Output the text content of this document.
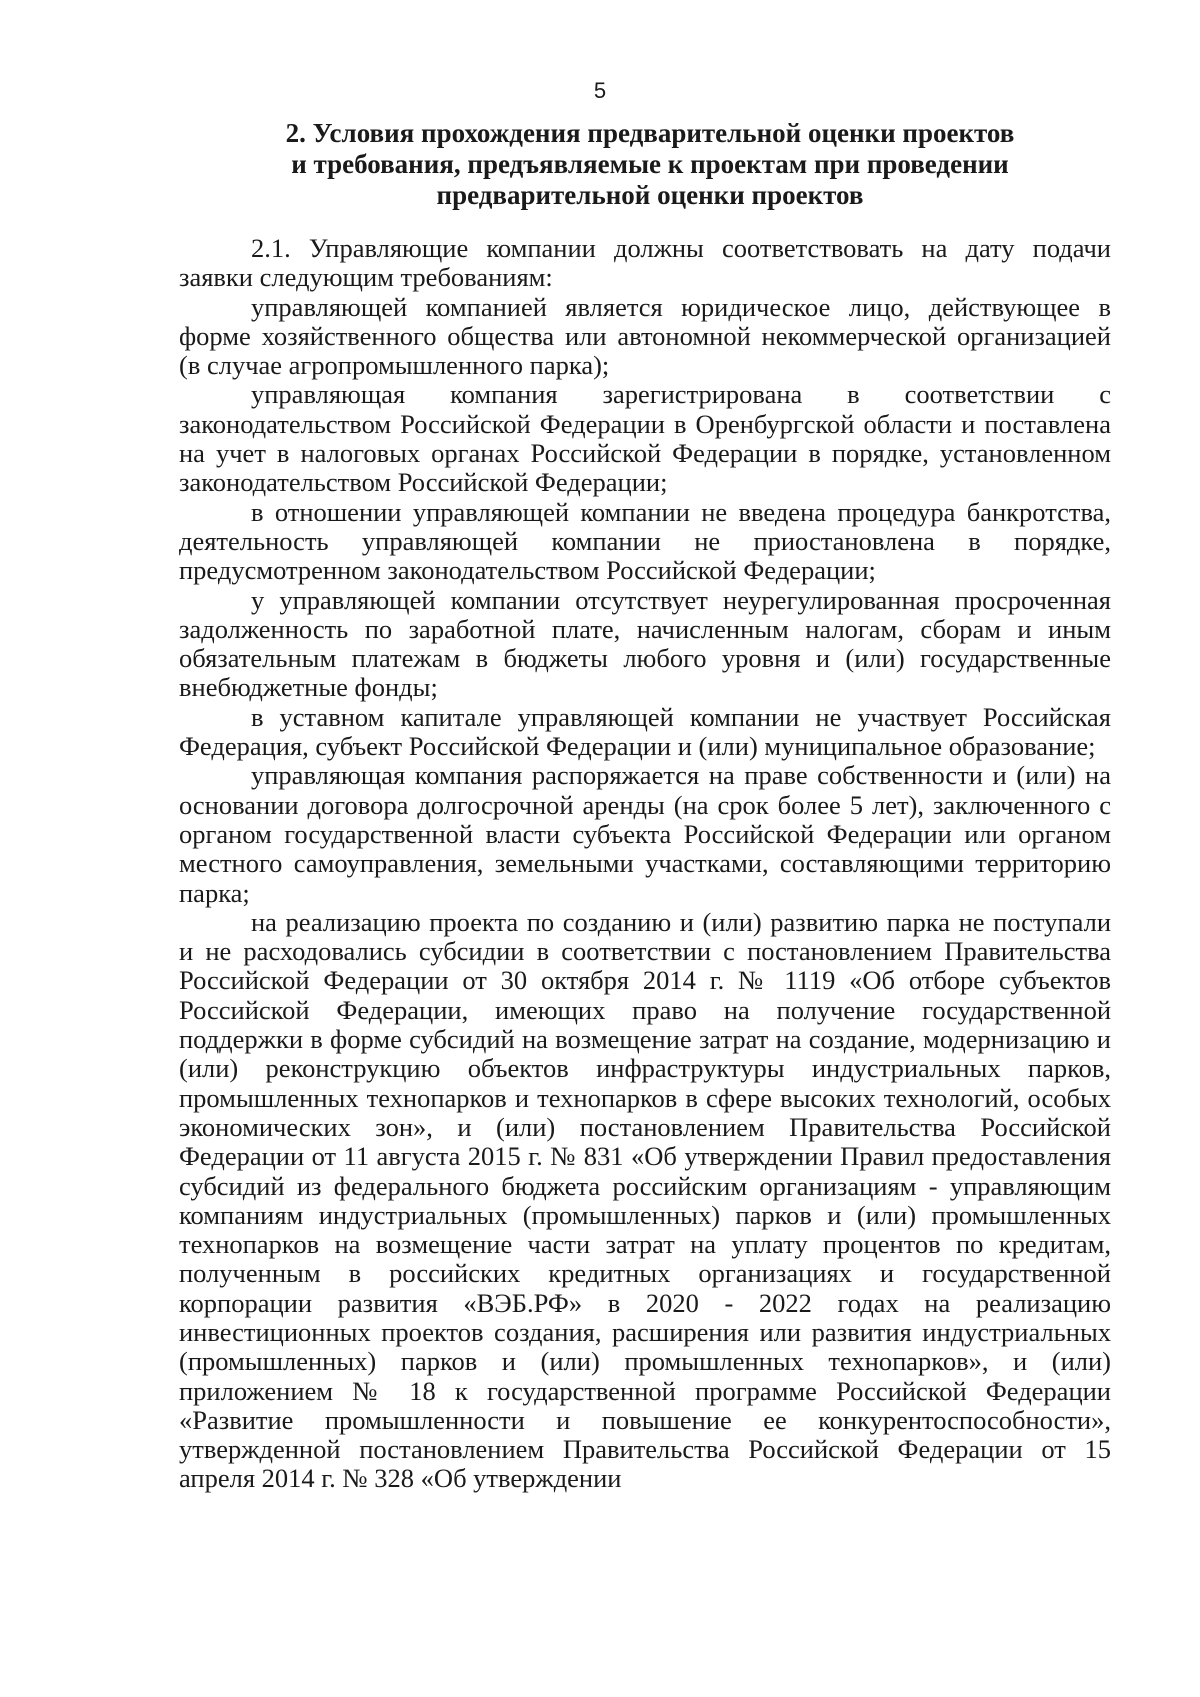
5
2. Условия прохождения предварительной оценки проектов
и требования, предъявляемые к проектам при проведении
предварительной оценки проектов

2.1. Управляющие компании должны соответствовать на дату подачи заявки следующим требованиям:

управляющей компанией является юридическое лицо, действующее в форме хозяйственного общества или автономной некоммерческой организацией (в случае агропромышленного парка);

управляющая компания зарегистрирована в соответствии с законодательством Российской Федерации в Оренбургской области и поставлена на учет в налоговых органах Российской Федерации в порядке, установленном законодательством Российской Федерации;

в отношении управляющей компании не введена процедура банкротства, деятельность управляющей компании не приостановлена в порядке, предусмотренном законодательством Российской Федерации;

у управляющей компании отсутствует неурегулированная просроченная задолженность по заработной плате, начисленным налогам, сборам и иным обязательным платежам в бюджеты любого уровня и (или) государственные внебюджетные фонды;

в уставном капитале управляющей компании не участвует Российская Федерация, субъект Российской Федерации и (или) муниципальное образование;

управляющая компания распоряжается на праве собственности и (или) на основании договора долгосрочной аренды (на срок более 5 лет), заключенного с органом государственной власти субъекта Российской Федерации или органом местного самоуправления, земельными участками, составляющими территорию парка;

на реализацию проекта по созданию и (или) развитию парка не поступали и не расходовались субсидии в соответствии с постановлением Правительства Российской Федерации от 30 октября 2014 г. № 1119 «Об отборе субъектов Российской Федерации, имеющих право на получение государственной поддержки в форме субсидий на возмещение затрат на создание, модернизацию и (или) реконструкцию объектов инфраструктуры индустриальных парков, промышленных технопарков и технопарков в сфере высоких технологий, особых экономических зон», и (или) постановлением Правительства Российской Федерации от 11 августа 2015 г. № 831 «Об утверждении Правил предоставления субсидий из федерального бюджета российским организациям - управляющим компаниям индустриальных (промышленных) парков и (или) промышленных технопарков на возмещение части затрат на уплату процентов по кредитам, полученным в российских кредитных организациях и государственной корпорации развития «ВЭБ.РФ» в 2020 - 2022 годах на реализацию инвестиционных проектов создания, расширения или развития индустриальных (промышленных) парков и (или) промышленных технопарков», и (или) приложением № 18 к государственной программе Российской Федерации «Развитие промышленности и повышение ее конкурентоспособности», утвержденной постановлением Правительства Российской Федерации от 15 апреля 2014 г. № 328 «Об утверждении
